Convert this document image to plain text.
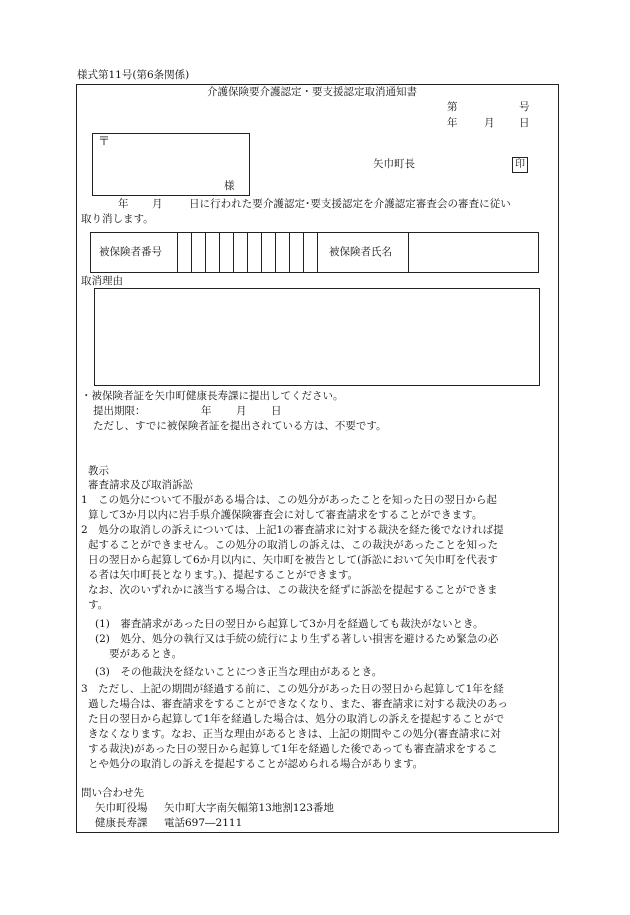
様式第11号(第6条関係)
介護保険要介護認定・要支援認定取消通知書
第	号
年	月 日
〒
様
矢巾町長	印
年 月	日に行われた要介護認定･要支援認定を介護認定審査会の審査に従い
取り消します。
被保険者番号	被保険者氏名
取消理由
・被保険者証を矢巾町健康長寿課に提出してください。
提出期限：	年 月 日
ただし、すでに被保険者証を提出されている方は、不要です。
教示
審査請求及び取消訴訟
1　この処分について不服がある場合は、この処分があったことを知った日の翌日から起
算して3か月以内に岩手県介護保険審査会に対して審査請求をすることができます。
2　処分の取消しの訴えについては、上記1の審査請求に対する裁決を経た後でなければ提
起することができません。この処分の取消しの訴えは、この裁決があったことを知った
日の翌日から起算して6か月以内に、矢巾町を被告として(訴訟において矢巾町を代表す
る者は矢巾町長となります。)、提起することができます。
なお、次のいずれかに該当する場合は、この裁決を経ずに訴訟を提起することができま
す。
(1)　審査請求があった日の翌日から起算して3か月を経過しても裁決がないとき。
(2)　処分、処分の執行又は手続の続行により生ずる著しい損害を避けるため緊急の必
要があるとき。
(3)　その他裁決を経ないことにつき正当な理由があるとき。
3　ただし、上記の期間が経過する前に、この処分があった日の翌日から起算して1年を経
過した場合は、審査請求をすることができなくなり、また、審査請求に対する裁決のあっ
た日の翌日から起算して1年を経過した場合は、処分の取消しの訴えを提起することがで
きなくなります。なお、正当な理由があるときは、上記の期間やこの処分(審査請求に対
する裁決)があった日の翌日から起算して1年を経過した後であっても審査請求をするこ
とや処分の取消しの訴えを提起することが認められる場合があります。
問い合わせ先
矢巾町役場 矢巾町大字南矢幅第13地割123番地
健康長寿課 電話697―2111
